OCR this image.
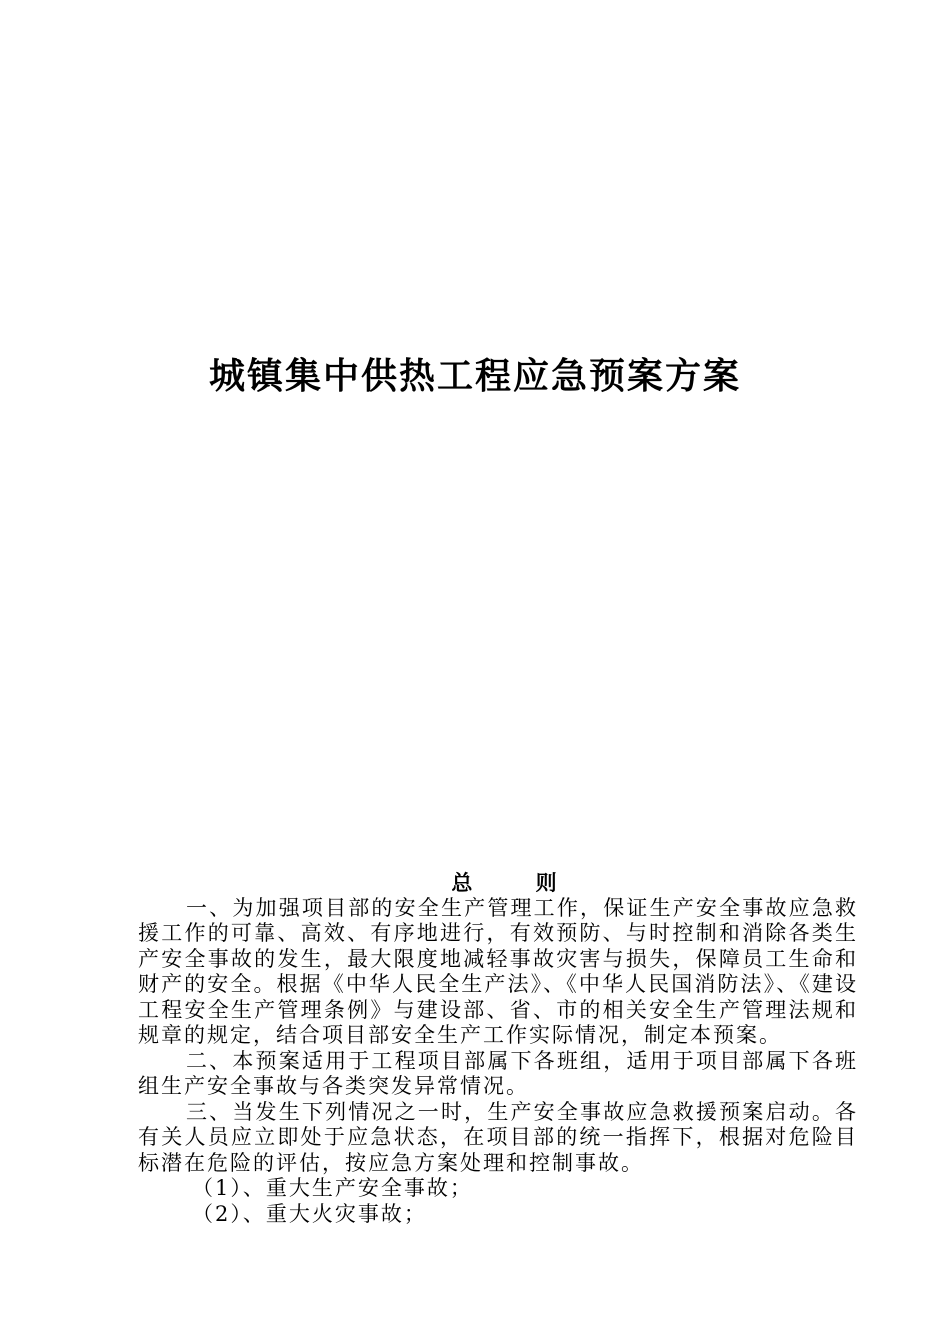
城镇集中供热工程应急预案方案

总 则

一、为加强项目部的安全生产管理工作，保证生产安全事故应急救援工作的可靠、高效、有序地进行，有效预防、与时控制和消除各类生产安全事故的发生，最大限度地减轻事故灾害与损失，保障员工生命和财产的安全。根据《中华人民全生产法》、《中华人民国消防法》、《建设工程安全生产管理条例》与建设部、省、市的相关安全生产管理法规和规章的规定，结合项目部安全生产工作实际情况，制定本预案。

二、本预案适用于工程项目部属下各班组，适用于项目部属下各班组生产安全事故与各类突发异常情况。

三、当发生下列情况之一时，生产安全事故应急救援预案启动。各有关人员应立即处于应急状态，在项目部的统一指挥下，根据对危险目标潜在危险的评估，按应急方案处理和控制事故。

（1）、重大生产安全事故；

（2）、重大火灾事故；
